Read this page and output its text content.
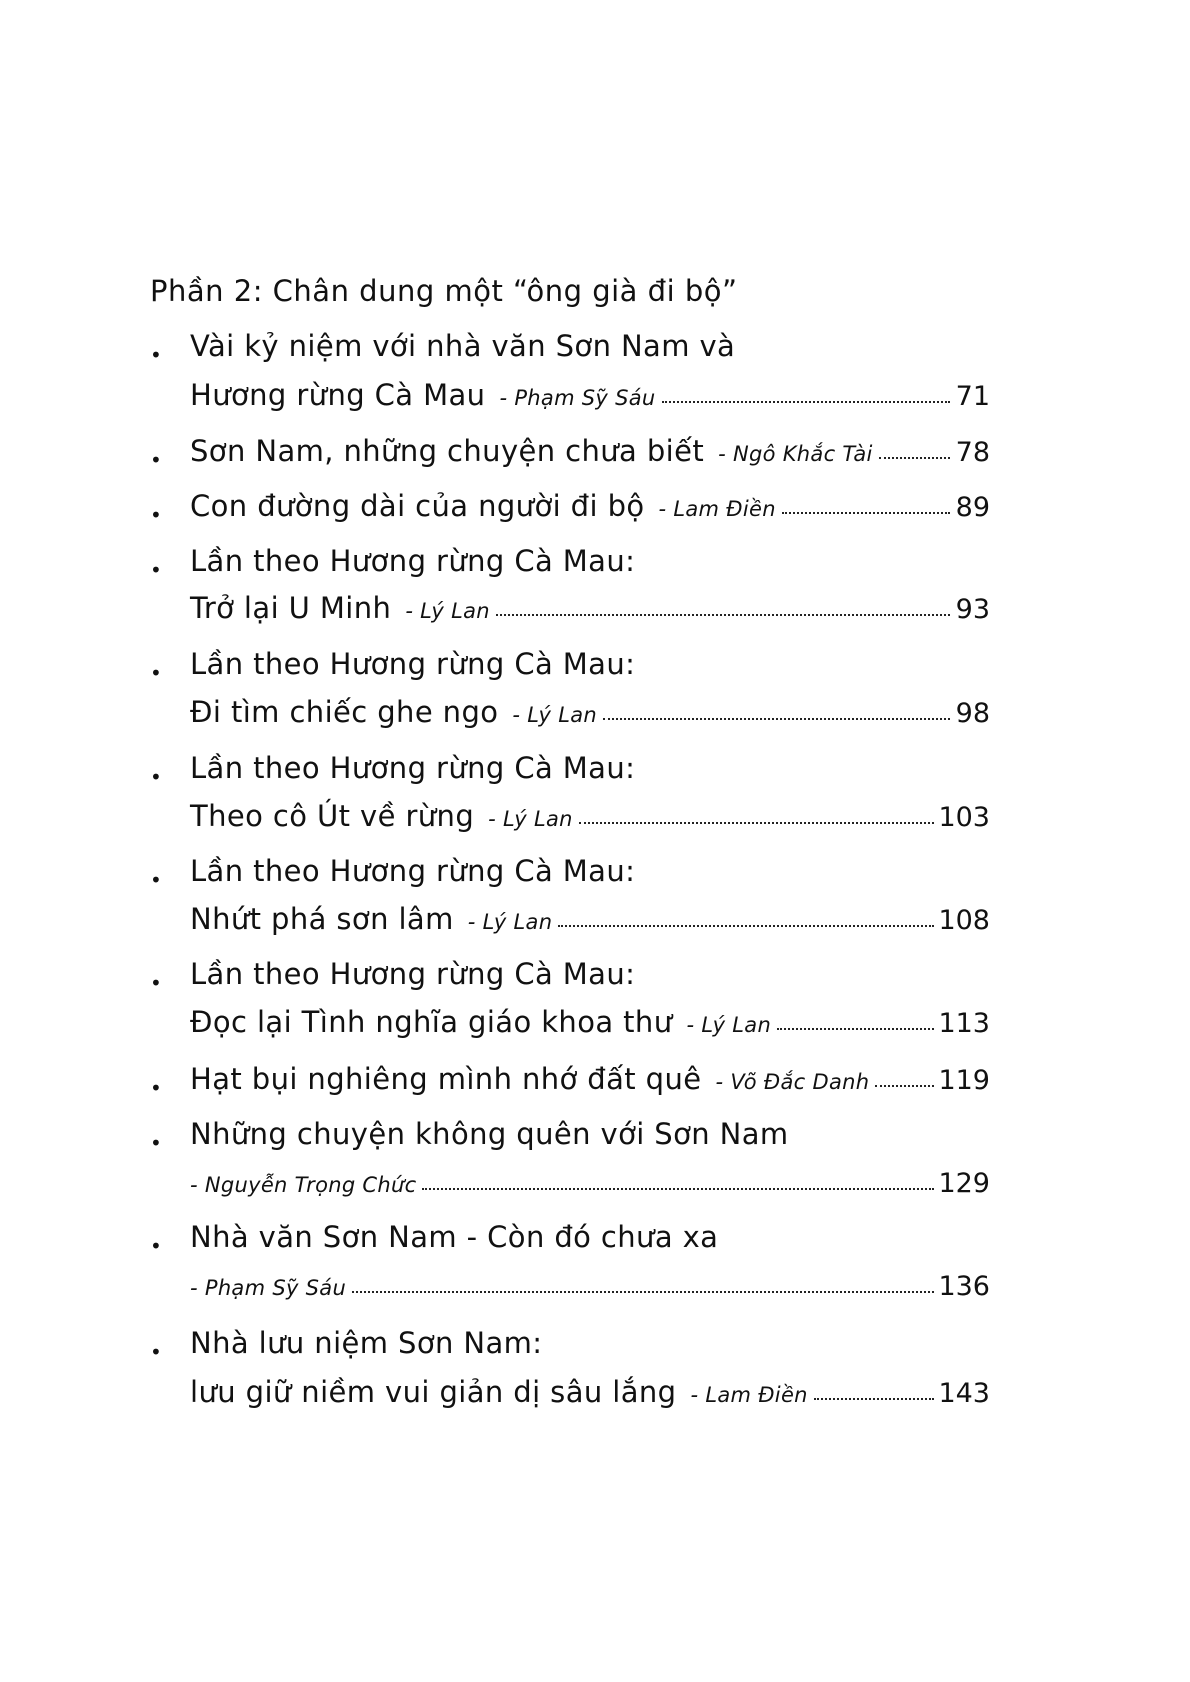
Phần 2: Chân dung một “ông già đi bộ”
• Vài kỷ niệm với nhà văn Sơn Nam và
Hương rừng Cà Mau - Phạm Sỹ Sáu	71
• Sơn Nam, những chuyện chưa biết - Ngô Khắc Tài	78
• Con đường dài của người đi bộ - Lam Điền	89
• Lần theo Hương rừng Cà Mau:
Trở lại U Minh - Lý Lan	93
• Lần theo Hương rừng Cà Mau:
Đi tìm chiếc ghe ngo - Lý Lan	98
• Lần theo Hương rừng Cà Mau:
Theo cô Út về rừng - Lý Lan	103
• Lần theo Hương rừng Cà Mau:
Nhứt phá sơn lâm - Lý Lan	108
• Lần theo Hương rừng Cà Mau:
Đọc lại Tình nghĩa giáo khoa thư - Lý Lan	113
• Hạt bụi nghiêng mình nhớ đất quê - Võ Đắc Danh	119
• Những chuyện không quên với Sơn Nam
- Nguyễn Trọng Chức	129
• Nhà văn Sơn Nam - Còn đó chưa xa
- Phạm Sỹ Sáu	136
• Nhà lưu niệm Sơn Nam:
lưu giữ niềm vui giản dị sâu lắng - Lam Điền	143
